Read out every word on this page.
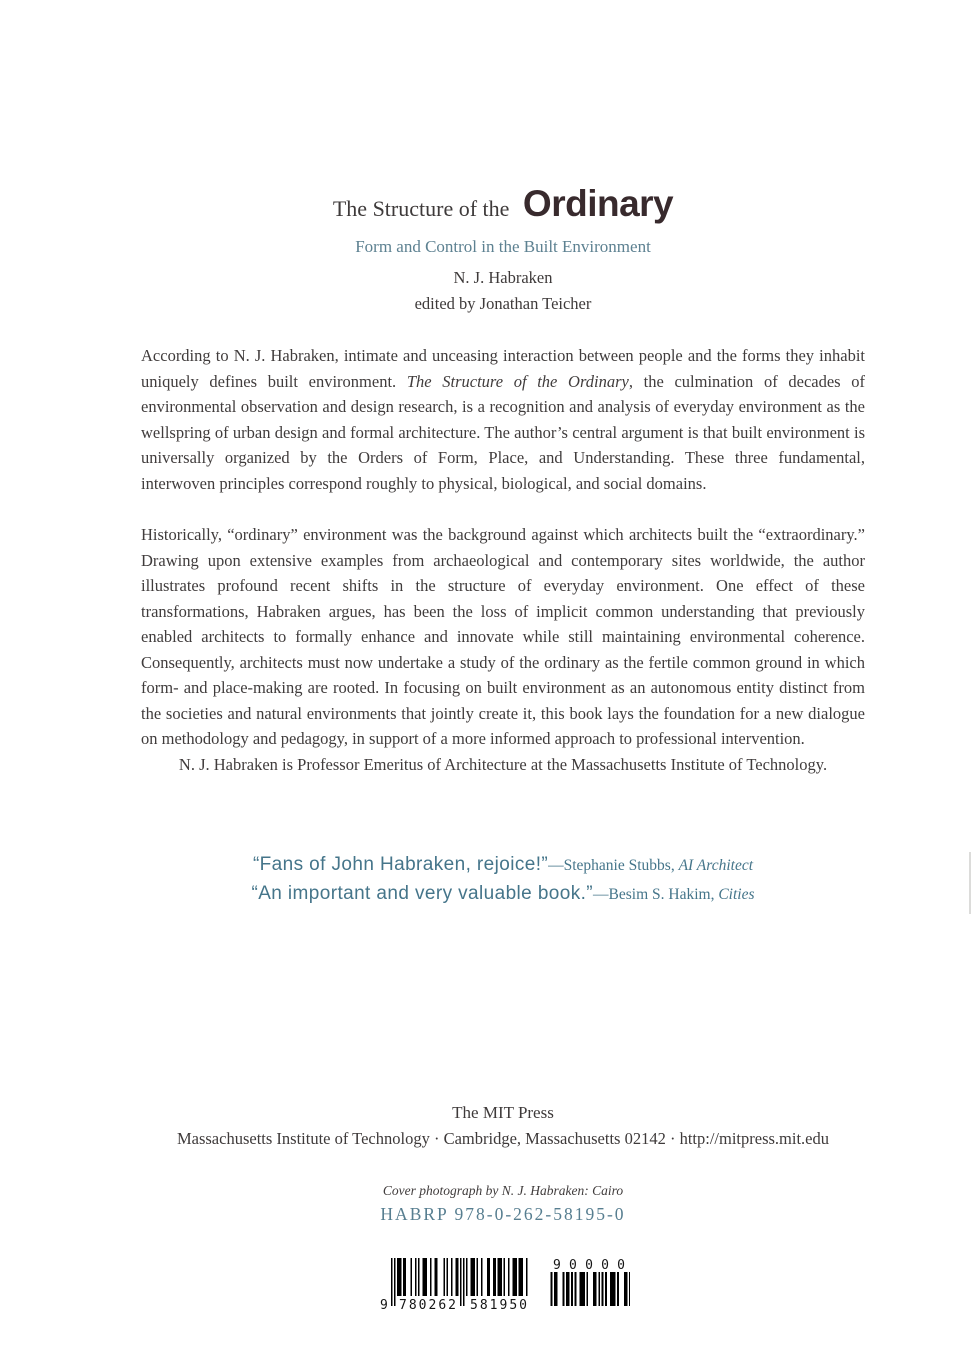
The Structure of the Ordinary
Form and Control in the Built Environment
N. J. Habraken
edited by Jonathan Teicher

According to N. J. Habraken, intimate and unceasing interaction between people and the forms they inhabit uniquely defines built environment. The Structure of the Ordinary, the culmination of decades of environmental observation and design research, is a recognition and analysis of everyday environment as the wellspring of urban design and formal architecture. The author’s central argument is that built environment is universally organized by the Orders of Form, Place, and Understanding. These three fundamental, interwoven principles correspond roughly to physical, biological, and social domains.

Historically, “ordinary” environment was the background against which architects built the “extraordinary.” Drawing upon extensive examples from archaeological and contemporary sites worldwide, the author illustrates profound recent shifts in the structure of everyday environment. One effect of these transformations, Habraken argues, has been the loss of implicit common understanding that previously enabled architects to formally enhance and innovate while still maintaining environmental coherence. Consequently, architects must now undertake a study of the ordinary as the fertile common ground in which form- and place-making are rooted. In focusing on built environment as an autonomous entity distinct from the societies and natural environments that jointly create it, this book lays the foundation for a new dialogue on methodology and pedagogy, in support of a more informed approach to professional intervention.

N. J. Habraken is Professor Emeritus of Architecture at the Massachusetts Institute of Technology.
“Fans of John Habraken, rejoice!”—Stephanie Stubbs, AI Architect
“An important and very valuable book.”—Besim S. Hakim, Cities
The MIT Press
Massachusetts Institute of Technology · Cambridge, Massachusetts 02142 · http://mitpress.mit.edu
Cover photograph by N. J. Habraken: Cairo
HABRP 978-0-262-58195-0
9 780262 581950
9 0 0 0 0
